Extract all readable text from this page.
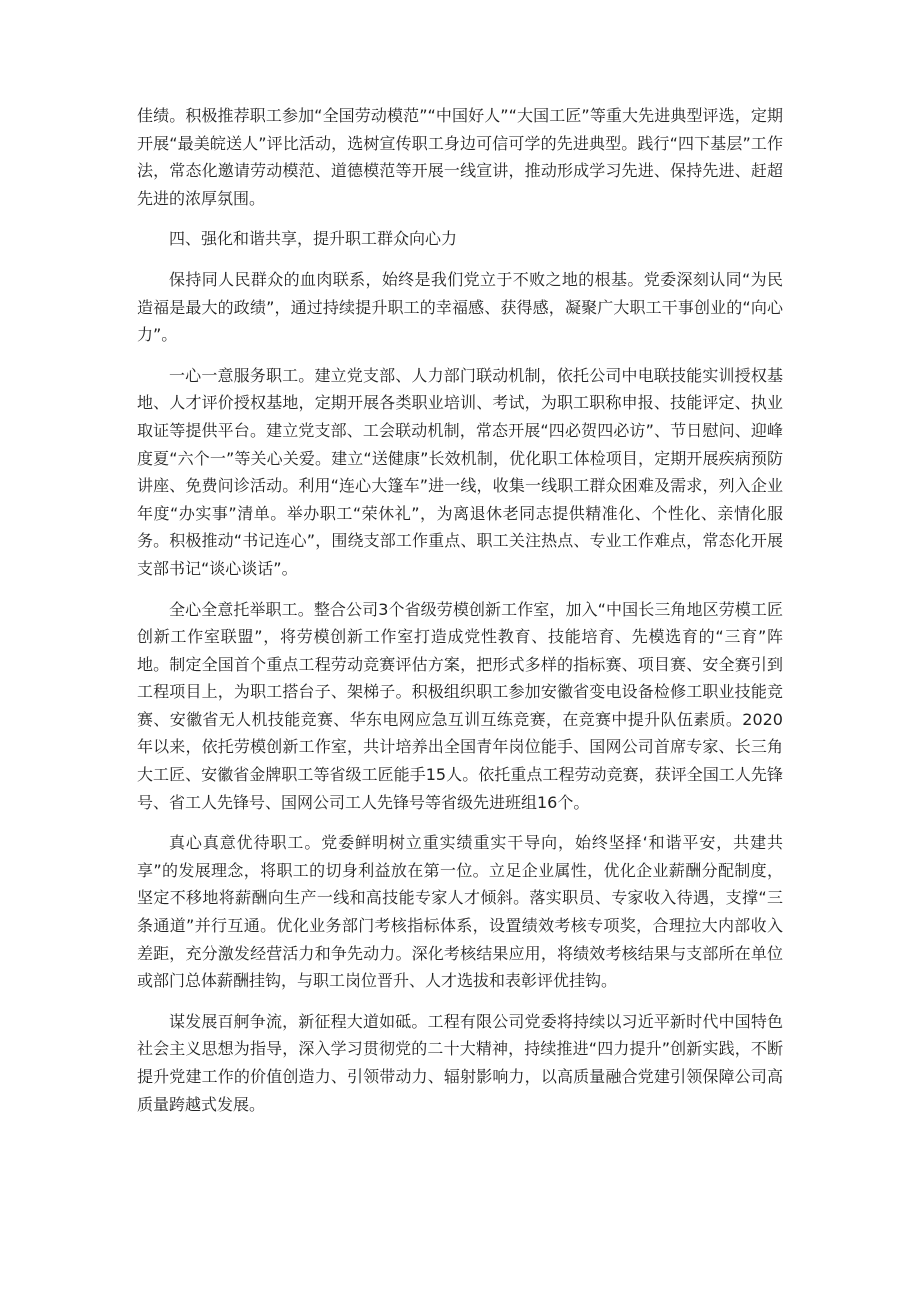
佳绩。积极推荐职工参加“全国劳动模范”“中国好人”“大国工匠”等重大先进典型评选，定期开展“最美皖送人”评比活动，选树宣传职工身边可信可学的先进典型。践行“四下基层”工作法，常态化邀请劳动模范、道德模范等开展一线宣讲，推动形成学习先进、保持先进、赶超先进的浓厚氛围。

四、强化和谐共享，提升职工群众向心力

保持同人民群众的血肉联系，始终是我们党立于不败之地的根基。党委深刻认同“为民造福是最大的政绩”，通过持续提升职工的幸福感、获得感，凝聚广大职工干事创业的“向心力”。

一心一意服务职工。建立党支部、人力部门联动机制，依托公司中电联技能实训授权基地、人才评价授权基地，定期开展各类职业培训、考试，为职工职称申报、技能评定、执业取证等提供平台。建立党支部、工会联动机制，常态开展“四必贺四必访”、节日慰问、迎峰度夏“六个一”等关心关爱。建立“送健康”长效机制，优化职工体检项目，定期开展疾病预防讲座、免费问诊活动。利用“连心大篷车”进一线，收集一线职工群众困难及需求，列入企业年度“办实事”清单。举办职工“荣休礼”，为离退休老同志提供精准化、个性化、亲情化服务。积极推动“书记连心”，围绕支部工作重点、职工关注热点、专业工作难点，常态化开展支部书记“谈心谈话”。

全心全意托举职工。整合公司3个省级劳模创新工作室，加入“中国长三角地区劳模工匠创新工作室联盟”，将劳模创新工作室打造成党性教育、技能培育、先模选育的“三育”阵地。制定全国首个重点工程劳动竞赛评估方案，把形式多样的指标赛、项目赛、安全赛引到工程项目上，为职工搭台子、架梯子。积极组织职工参加安徽省变电设备检修工职业技能竞赛、安徽省无人机技能竞赛、华东电网应急互训互练竞赛，在竞赛中提升队伍素质。2020年以来，依托劳模创新工作室，共计培养出全国青年岗位能手、国网公司首席专家、长三角大工匠、安徽省金牌职工等省级工匠能手15人。依托重点工程劳动竞赛，获评全国工人先锋号、省工人先锋号、国网公司工人先锋号等省级先进班组16个。

真心真意优待职工。党委鲜明树立重实绩重实干导向，始终坚择‘和谐平安，共建共享”的发展理念，将职工的切身利益放在第一位。立足企业属性，优化企业薪酬分配制度，坚定不移地将薪酬向生产一线和高技能专家人才倾斜。落实职员、专家收入待遇，支撑“三条通道”并行互通。优化业务部门考核指标体系，设置绩效考核专项奖，合理拉大内部收入差距，充分激发经营活力和争先动力。深化考核结果应用，将绩效考核结果与支部所在单位或部门总体薪酬挂钩，与职工岗位晋升、人才选拔和表彰评优挂钩。

谋发展百舸争流，新征程大道如砥。工程有限公司党委将持续以习近平新时代中国特色社会主义思想为指导，深入学习贯彻党的二十大精神，持续推进“四力提升”创新实践，不断提升党建工作的价值创造力、引领带动力、辐射影响力，以高质量融合党建引领保障公司高质量跨越式发展。
